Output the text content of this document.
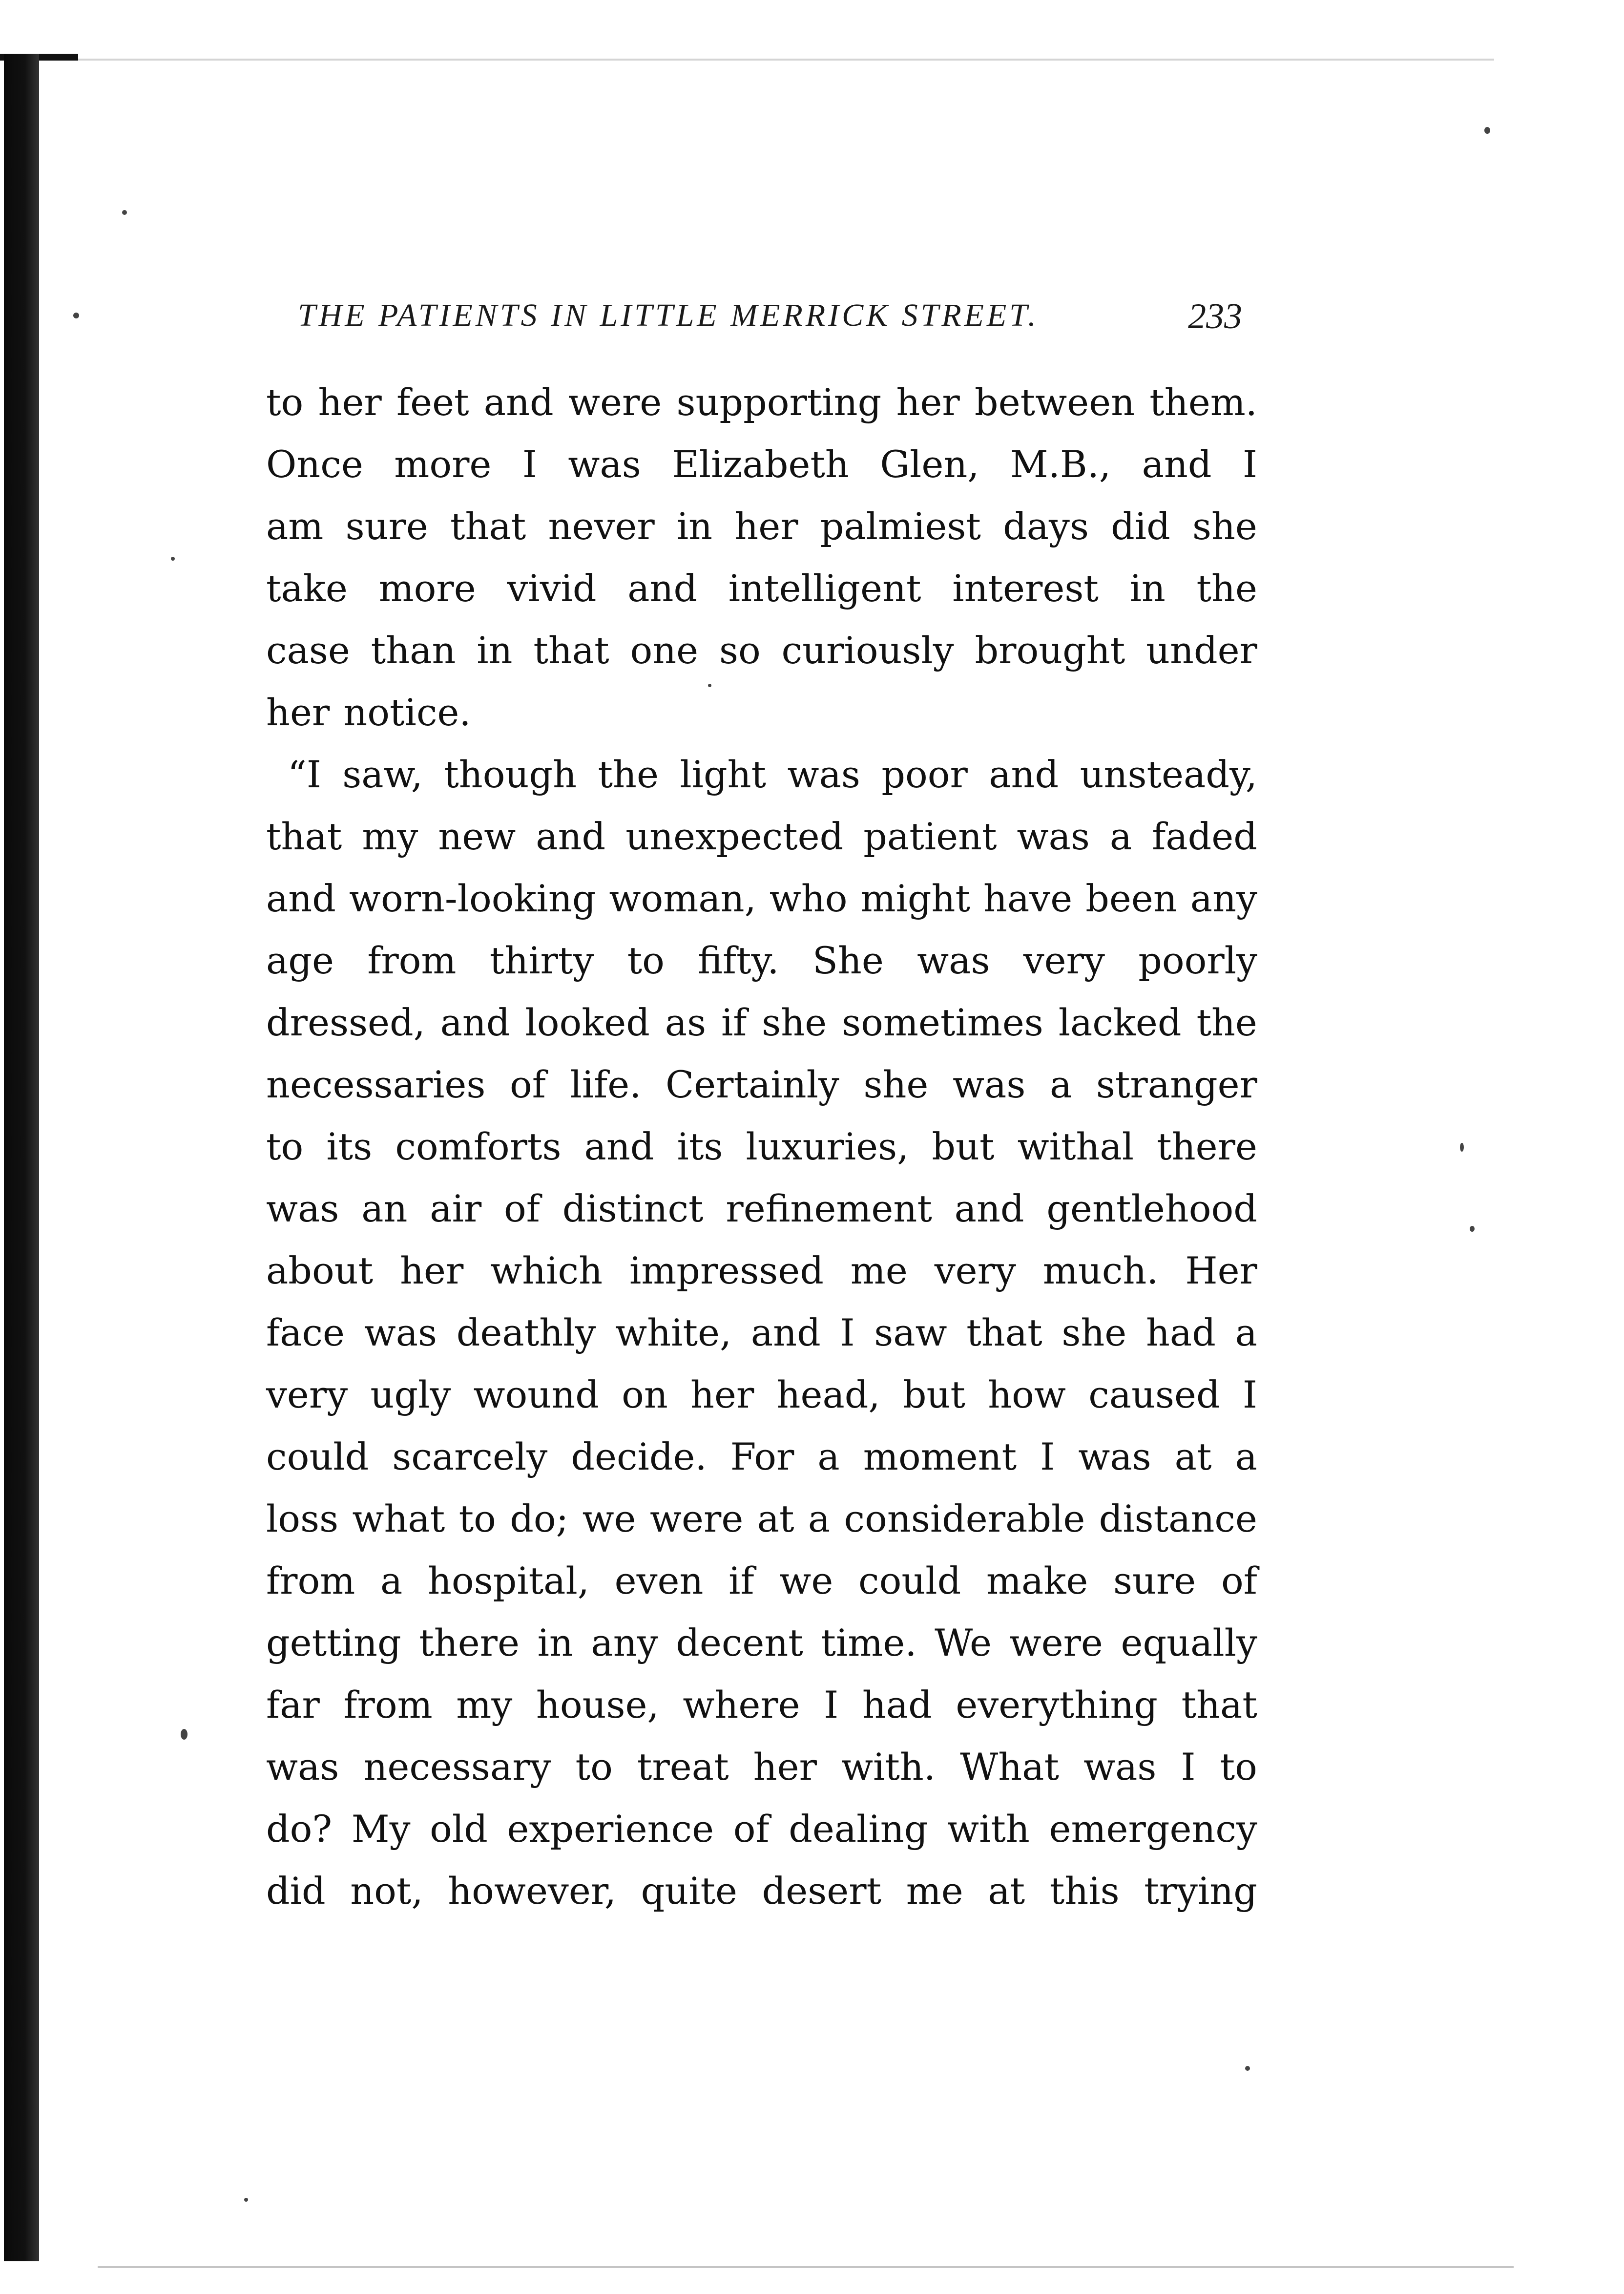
THE PATIENTS IN LITTLE MERRICK STREET.	233
to her feet and were supporting her between them.
Once more I was Elizabeth Glen, M.B., and I
am sure that never in her palmiest days did she
take more vivid and intelligent interest in the
case than in that one so curiously brought under
her notice.
“I saw, though the light was poor and unsteady,
that my new and unexpected patient was a faded
and worn-looking woman, who might have been any
age from thirty to fifty. She was very poorly
dressed, and looked as if she sometimes lacked the
necessaries of life. Certainly she was a stranger
to its comforts and its luxuries, but withal there
was an air of distinct refinement and gentlehood
about her which impressed me very much. Her
face was deathly white, and I saw that she had a
very ugly wound on her head, but how caused I
could scarcely decide. For a moment I was at a
loss what to do; we were at a considerable distance
from a hospital, even if we could make sure of
getting there in any decent time. We were equally
far from my house, where I had everything that
was necessary to treat her with. What was I to
do? My old experience of dealing with emergency
did not, however, quite desert me at this trying
